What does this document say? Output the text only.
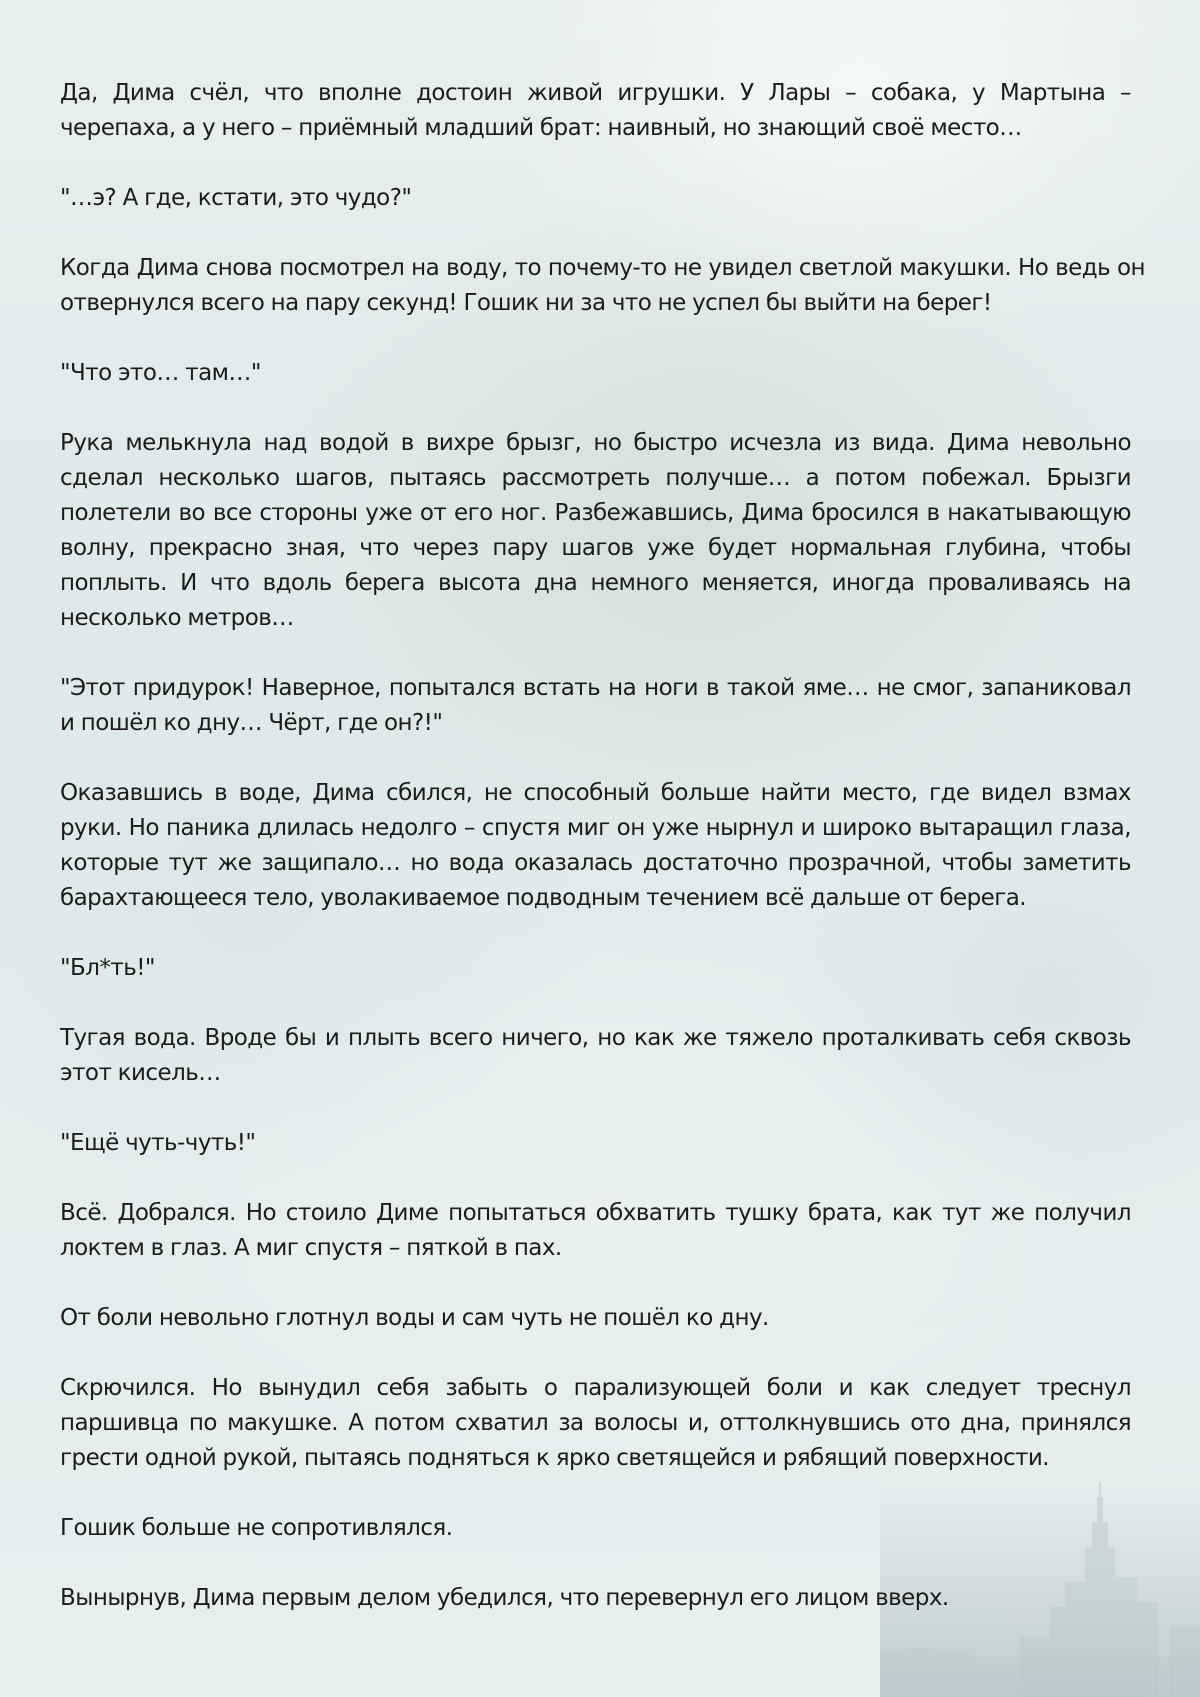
Да, Дима счёл, что вполне достоин живой игрушки. У Лары – собака, у Мартына – черепаха, а у него – приёмный младший брат: наивный, но знающий своё место…

"…э? А где, кстати, это чудо?"

Когда Дима снова посмотрел на воду, то почему-то не увидел светлой макушки. Но ведь он отвернулся всего на пару секунд! Гошик ни за что не успел бы выйти на берег!

"Что это… там…"

Рука мелькнула над водой в вихре брызг, но быстро исчезла из вида. Дима невольно сделал несколько шагов, пытаясь рассмотреть получше… а потом побежал. Брызги полетели во все стороны уже от его ног. Разбежавшись, Дима бросился в накатывающую волну, прекрасно зная, что через пару шагов уже будет нормальная глубина, чтобы поплыть. И что вдоль берега высота дна немного меняется, иногда проваливаясь на несколько метров…

"Этот придурок! Наверное, попытался встать на ноги в такой яме… не смог, запаниковал и пошёл ко дну… Чёрт, где он?!"

Оказавшись в воде, Дима сбился, не способный больше найти место, где видел взмах руки. Но паника длилась недолго – спустя миг он уже нырнул и широко вытаращил глаза, которые тут же защипало… но вода оказалась достаточно прозрачной, чтобы заметить барахтающееся тело, уволакиваемое подводным течением всё дальше от берега.

"Бл*ть!"

Тугая вода. Вроде бы и плыть всего ничего, но как же тяжело проталкивать себя сквозь этот кисель…

"Ещё чуть-чуть!"

Всё. Добрался. Но стоило Диме попытаться обхватить тушку брата, как тут же получил локтем в глаз. А миг спустя – пяткой в пах.

От боли невольно глотнул воды и сам чуть не пошёл ко дну.

Скрючился. Но вынудил себя забыть о парализующей боли и как следует треснул паршивца по макушке. А потом схватил за волосы и, оттолкнувшись ото дна, принялся грести одной рукой, пытаясь подняться к ярко светящейся и рябящий поверхности.

Гошик больше не сопротивлялся.

Вынырнув, Дима первым делом убедился, что перевернул его лицом вверх.
